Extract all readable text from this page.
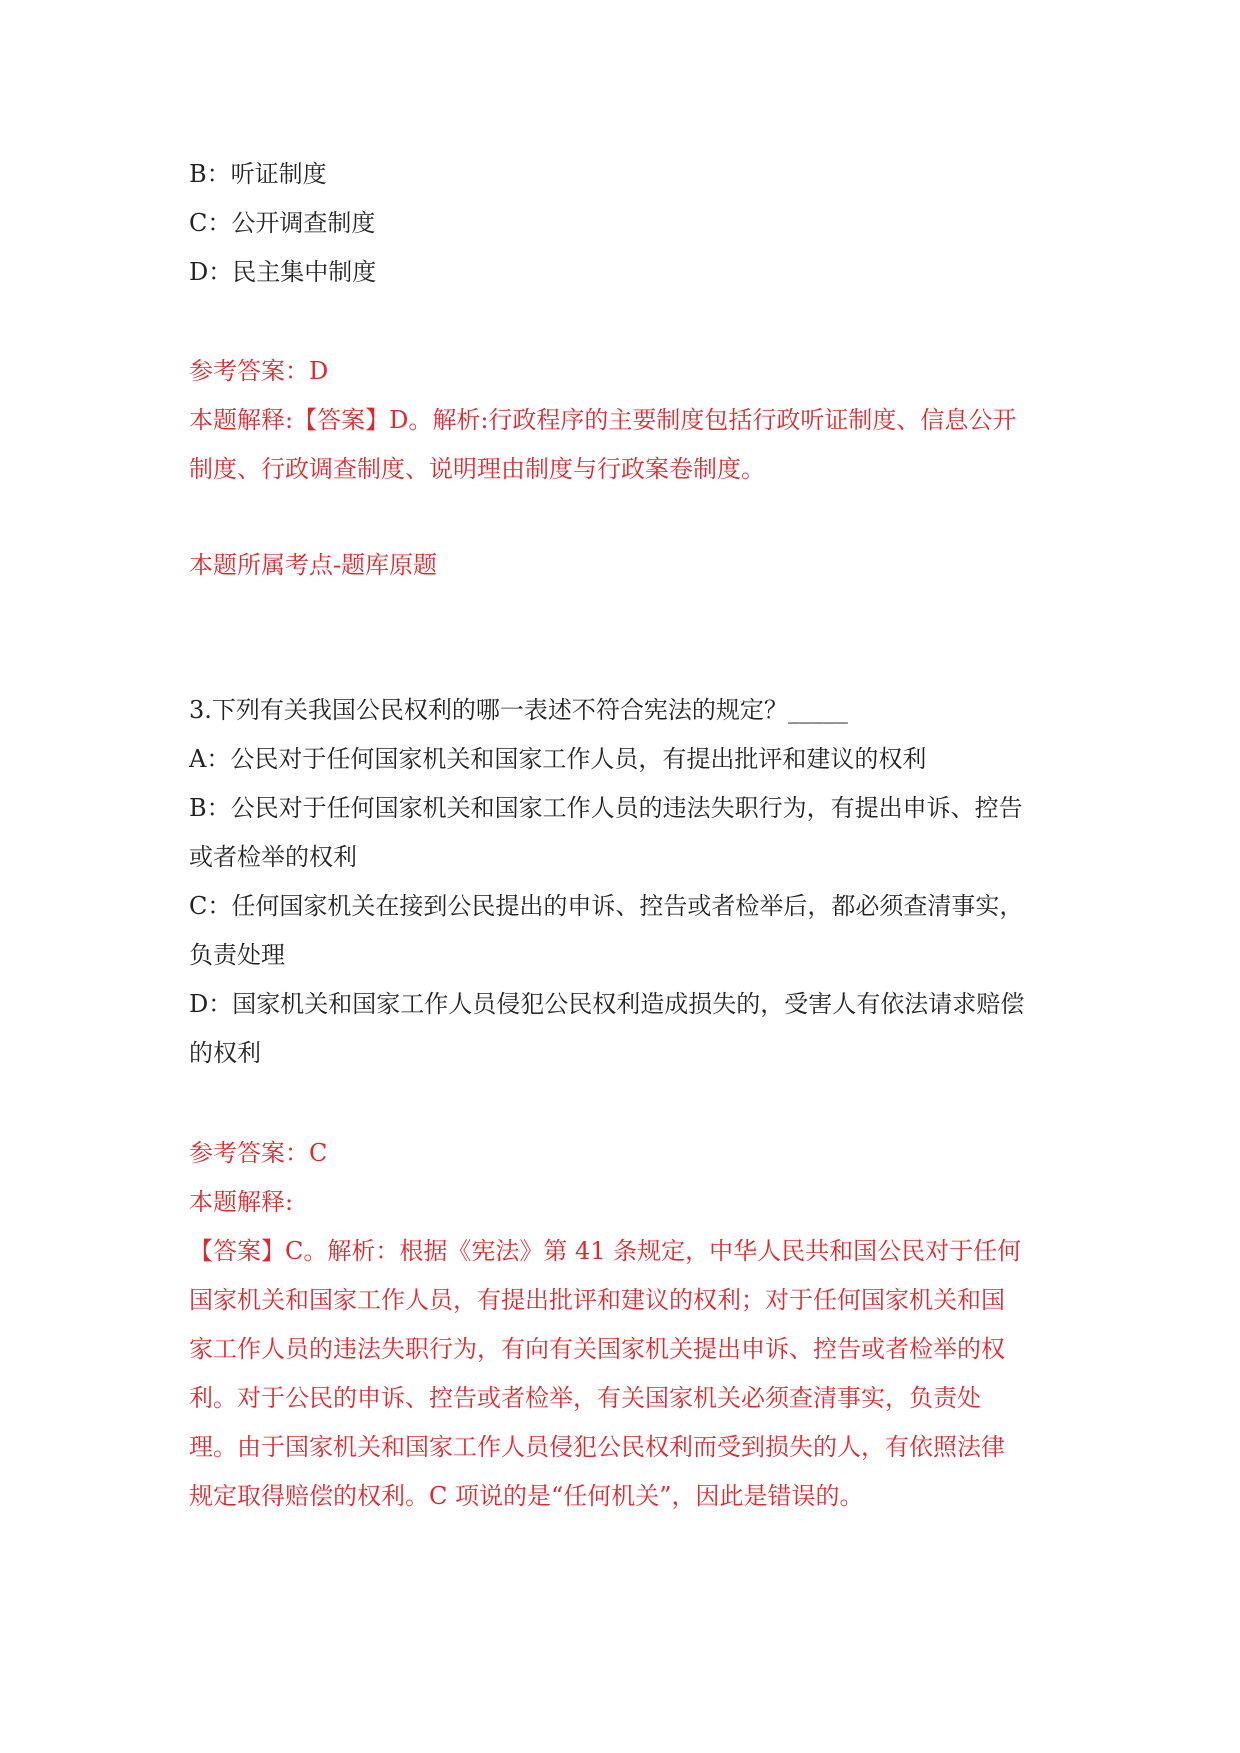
B：听证制度
C：公开调查制度
D：民主集中制度
参考答案：D
本题解释:【答案】D。解析:行政程序的主要制度包括行政听证制度、信息公开
制度、行政调查制度、说明理由制度与行政案卷制度。
本题所属考点-题库原题
3.下列有关我国公民权利的哪一表述不符合宪法的规定？_____
A：公民对于任何国家机关和国家工作人员，有提出批评和建议的权利
B：公民对于任何国家机关和国家工作人员的违法失职行为，有提出申诉、控告
或者检举的权利
C：任何国家机关在接到公民提出的申诉、控告或者检举后，都必须查清事实，
负责处理
D：国家机关和国家工作人员侵犯公民权利造成损失的，受害人有依法请求赔偿
的权利
参考答案：C
本题解释:
【答案】C。解析：根据《宪法》第 41 条规定，中华人民共和国公民对于任何
国家机关和国家工作人员，有提出批评和建议的权利；对于任何国家机关和国
家工作人员的违法失职行为，有向有关国家机关提出申诉、控告或者检举的权
利。对于公民的申诉、控告或者检举，有关国家机关必须查清事实，负责处
理。由于国家机关和国家工作人员侵犯公民权利而受到损失的人，有依照法律
规定取得赔偿的权利。C 项说的是“任何机关”，因此是错误的。
